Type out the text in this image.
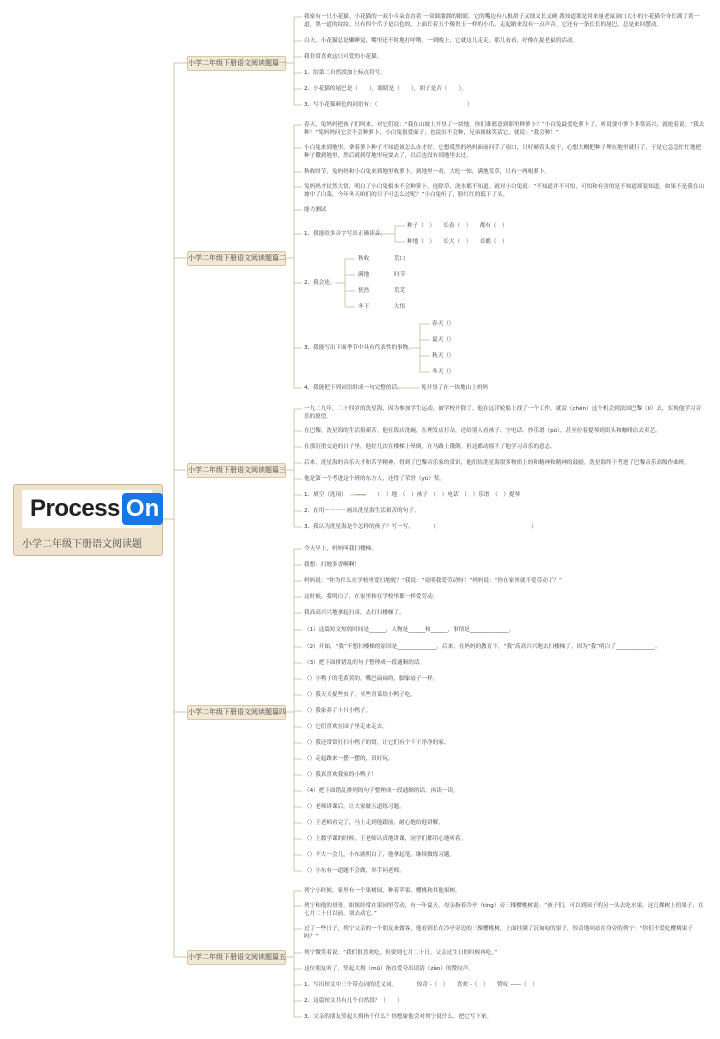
Process On
小学二年级下册语文阅读题
小学二年级下册语文阅读题篇一
小学二年级下册语文阅读题篇二
小学二年级下册语文阅读题篇三
小学二年级下册语文阅读题篇四
小学二年级下册语文阅读题篇五
我家有一只小花猫。小花猫的一双小斗朵直直着 一双圆溜溜的眼睛。它的嘴边有八根胡子又细又长又硬 我知道那是用来量老鼠洞口大小的小花猫全身长满了黄一道、黑一道的纹纹。只有四个爪子是白色的，上面长着五个像贵玉一样的小爪，走起路来没有一点声音。它还有一条长长的尾巴，总是来回摆动。
白天，小花猫总是懒睡觉，嘴里还不时地打呼噜。一到晚上，它就这儿走走、那儿看看，好像在捉老鼠的活动。
我非常喜欢这只可爱的小花猫。
1、给第二自然段加上标点符号。
2、小花猫的尾巴是（　　），眼睛是（　　），胡子是否（　　）。
3、写小花猫颜色的词语有：（　　　　　　　　　　　　　　　　）
春天，兔妈妈把孩子们叫来，对它们说：“我在山坡上开垦了一块地，你们谁愿意到那里种萝卜？”小白兔最爱吃萝卜了，听说要中萝卜非常高兴，就抢着说：“我去种！”兔妈妈问它会不会种萝卜，小白兔很爱面子，也说出不会种，兄弟姐妹笑话它，就说：“我会种！”
小白兔来到地里，拿着萝卜种子不知道该怎么办才好。它想哎然的妈妈面前问手了项口，只好硬着头皮干，心想大概把种子埋在地里就行了，于是它急急忙忙地把种子撒到地里，然后就到草地里玩耍去了，以后也没有到地里去过。
秋收时节，兔妈妈和小白兔来到地里收萝卜，到地里一看，大吃一惊，满地荒草，只有一两根萝卜。
兔妈妈才仗然大悟，明白了小白兔根本不会种萝卜，连除草、浇水都不知道。就对小白兔说：“不知道并不可怕，可怕和有害的是不知道却装知道。如果不是我在山坡中了白菜，今年冬天咱们的日子可怎么过呢？”小白兔听了，脸红红的低下了头。
能力测试
1、我能给多音字写出正确读音。
种子（　）　　长春（　）　　都有（　）
种地（　）　　长大（　）　　首都（　）
2、我会连。
秋收
满地
恍然
冬下
荒口
时节
荒芜
大悟
3、我能写出下面季节中具有代表性的事物。
春天（）
夏天（）
秋天（）
冬天（）
4、我能把下列词语组成一句完整的话。	免开垦了在一块地山上妈妈
一九二九年，二十四岁的洗星海，因为参加学生运动，被学校开除了。他在远洋轮船上找了一个工作，就益（chén）这个机会到法国巴黎（lí）去，实现他学习音乐的愿望。
在巴黎，洗星海的生活很艰苦。他在饭店洗碗，在理发店打杂，还给别人看孩子、守电话、抄乐谱（pǔ），甚至拉着提琴到街头和咖啡店去卖艺。
在那沉重交迫的日子里，他好几次在楼梯上晕倒，在马路上饿倒。但这都动摇不了他学习音乐的意志。
后来，洗星海的音乐天才和苦学精神，得到了巴黎音乐家的赏识，他们给洗星海很多物质上的和精神和精神的鼓励。洗星海终于考进了巴黎音乐高级作曲班。
他是第一个考进这个班的东方人，还得了荣誉（yù）奖。
1、填空（选项）　　——　　（　）地　（　）孩子　（　）电话　（　）乐谱　（　）提琴
2、在用－－－－画出洗星海生活艰苦的句子。
3、我认为洗星海是个怎样的孩子？写一写。　　　　（　　　　　　　　　　　　　　　　　）
今天早上，妈妈叫我扫楼梯。
我想：扫地多香啊啊！
妈妈说：“你为什么在学校里爱扫地呢？”我说：“说明我爱劳动呀！”妈妈说：“你在家里就不爱劳动了？”
这时候，我明白了，在家里和在学校里都一样爱劳动。
我高高兴兴地拿起扫帚，去打扫楼梯了。
（1）这篇短文短的时间是______，人物是______和______，事情是______________。
（2）开始，“我”不想扫楼梯的原因是______________，后来，在妈妈的教育下，“我”高高兴兴地去扫楼梯了，因为“我”明白了______________。
（3）把下面排错乱的句子整理成一段通顺的话。
（）小鸭子的毛黄黄的，嘴巴扁扁的，脚象扇子一样。
（）我天天捉些虫子，买些青菜给小鸭子吃。
（）我家养了十只小鸭子。
（）它们喜欢在园子里走来走去。
（）我还常常打扫小鸭子的窝，让它们有个干干净净的家。
（）走起路来一摆一摆的，真好玩。
（）我真喜欢我家的小鸭子！
（4）把下面错乱排列的句子整理成一段通顺的话，再读一读。
（）老师讲课后，让大家做五道练习题。
（）王老师看完了，马上走到他跟前，耐心地给他讲解。
（）上数学课的时候，王老师认真地讲课，同学们都用心地听着。
（）不大一会儿，小东就明白了，他拿起笔，继续做练习题。
（）小东有一道题不会做，举手问老师。
列宁小时候，家里有一个果树园，种着苹果、樱桃和其他果树。
列宁和他的哥哥，姐姐经常在果园里劳动，有一年夏天，母亲指着冷亭（tíng）旁三棵樱桃树说：“孩子们，可以到园子的另一头去吃水果，这几棵树上的果子，在七月二十日以前，别去动它。”
过了一些日子，列宁父亲的一个朋友来做客，他看到长在冷亭旁边的三棵樱桃树，上面挂满了沉甸甸的果子，惊奇地问站在身旁的列宁：“你们不爱吃樱桃果子吗？”
列宁微笑着说：“我们很喜欢吃，但要到七月二十日，父亲过生日的时候再吃。”
这位朋友听了，竖起大拇（mǔ）指直爱夸出请请（zàn）的赞叹声。
1、写出短文中三个带点词的近义词。　　　　惊奇 -（　）　　喜欢 -（　）　　赞叹 ——（　）
2、这篇短文共有几个自然段？（　　）
3、父亲的朋友竖起大拇指干什么？你想象他会对列宁说什么。把它写下来。
